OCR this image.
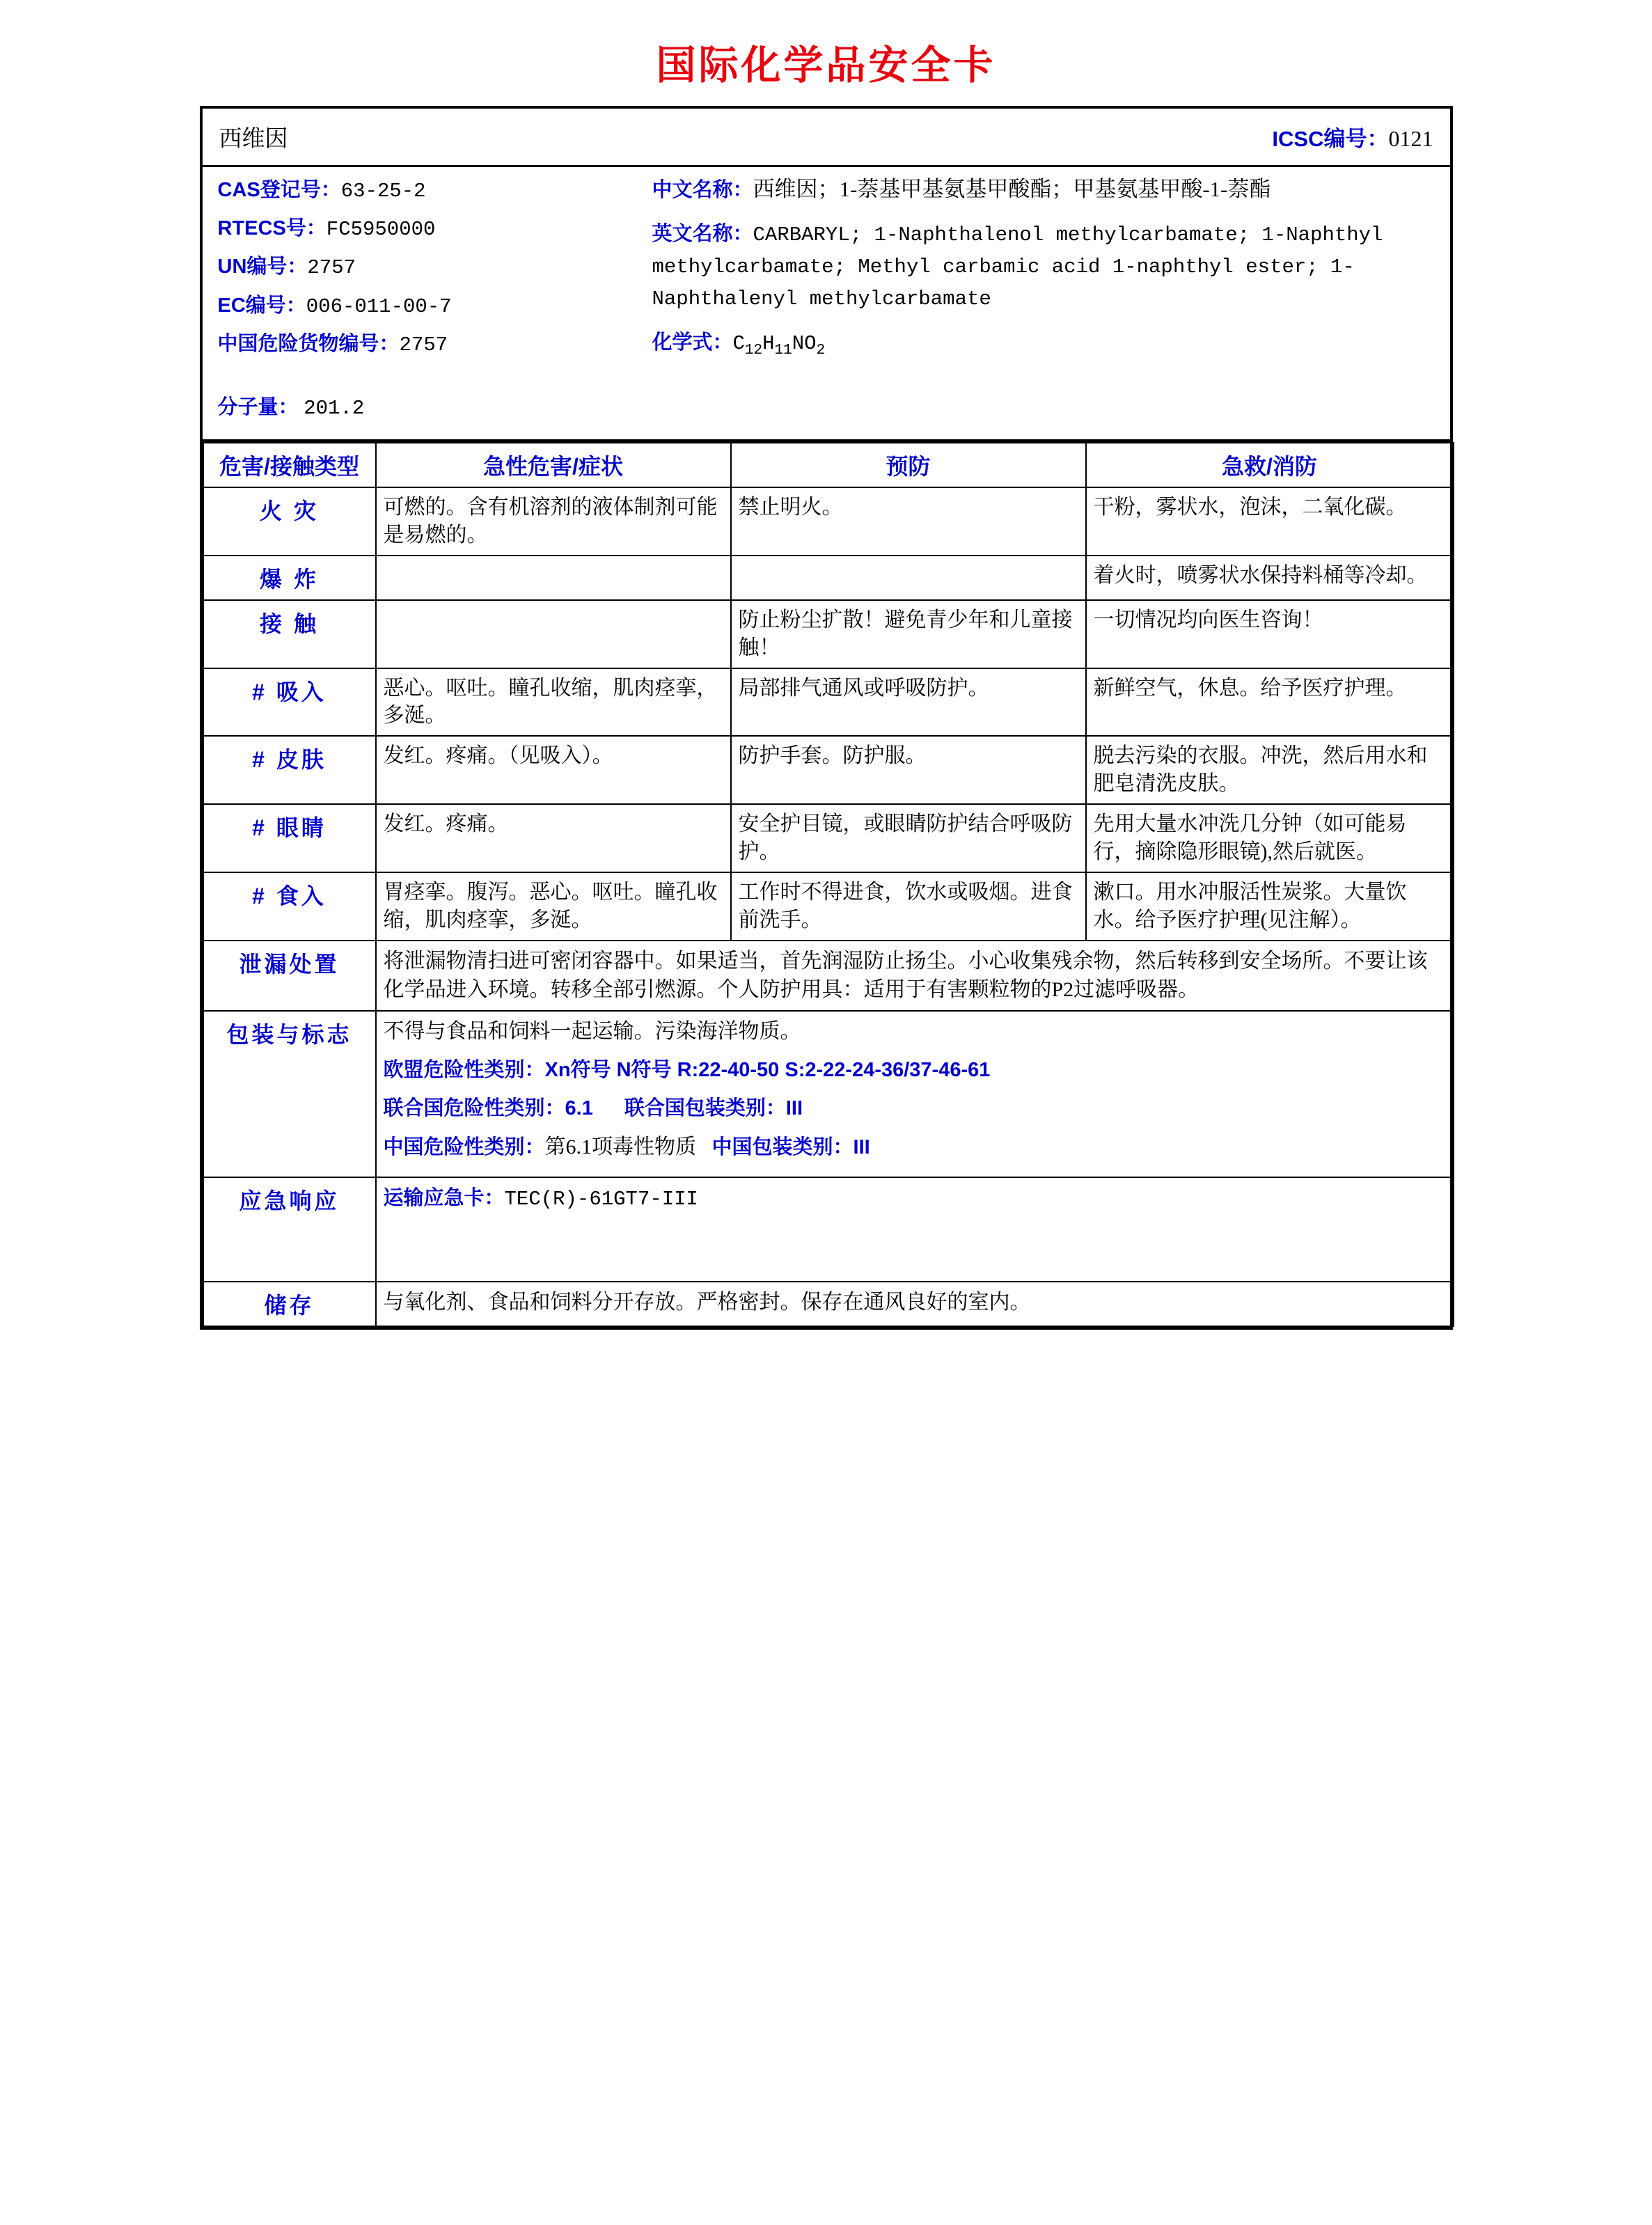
国际化学品安全卡
西维因	ICSC编号：0121
CAS登记号：63-25-2
RTECS号：FC5950000
UN编号：2757
EC编号：006-011-00-7
中国危险货物编号：2757
分子量： 201.2
中文名称：西维因；1-萘基甲基氨基甲酸酯；甲基氨基甲酸-1-萘酯
英文名称：CARBARYL; 1-Naphthalenol methylcarbamate; 1-Naphthyl methylcarbamate; Methyl carbamic acid 1-naphthyl ester; 1-Naphthalenyl methylcarbamate
化学式：$C_{12}H_{11}NO_2$
危害/接触类型	急性危害/症状	预防	急救/消防
火 灾	可燃的。含有机溶剂的液体制剂可能是易燃的。	禁止明火。	干粉，雾状水，泡沫，二氧化碳。
爆 炸			着火时，喷雾状水保持料桶等冷却。
接 触		防止粉尘扩散！避免青少年和儿童接触！	一切情况均向医生咨询！
# 吸入	恶心。呕吐。瞳孔收缩，肌肉痉挛，多涎。	局部排气通风或呼吸防护。	新鲜空气，休息。给予医疗护理。
# 皮肤	发红。疼痛。（见吸入）。	防护手套。防护服。	脱去污染的衣服。冲洗，然后用水和肥皂清洗皮肤。
# 眼睛	发红。疼痛。	安全护目镜，或眼睛防护结合呼吸防护。	先用大量水冲洗几分钟（如可能易行，摘除隐形眼镜),然后就医。
# 食入	胃痉挛。腹泻。恶心。呕吐。瞳孔收缩，肌肉痉挛，多涎。	工作时不得进食，饮水或吸烟。进食前洗手。	漱口。用水冲服活性炭浆。大量饮水。给予医疗护理(见注解）。
泄漏处置	将泄漏物清扫进可密闭容器中。如果适当，首先润湿防止扬尘。小心收集残余物，然后转移到安全场所。不要让该化学品进入环境。转移全部引燃源。个人防护用具：适用于有害颗粒物的P2过滤呼吸器。		
包装与标志	不得与食品和饲料一起运输。污染海洋物质。
欧盟危险性类别：Xn符号 N符号 R:22-40-50 S:2-22-24-36/37-46-61
联合国危险性类别：6.1 联合国包装类别：III
中国危险性类别：第6.1项毒性物质 中国包装类别：III		

应急响应	运输应急卡：TEC(R)-61GT7-III		
储存	与氧化剂、食品和饲料分开存放。严格密封。保存在通风良好的室内。		
